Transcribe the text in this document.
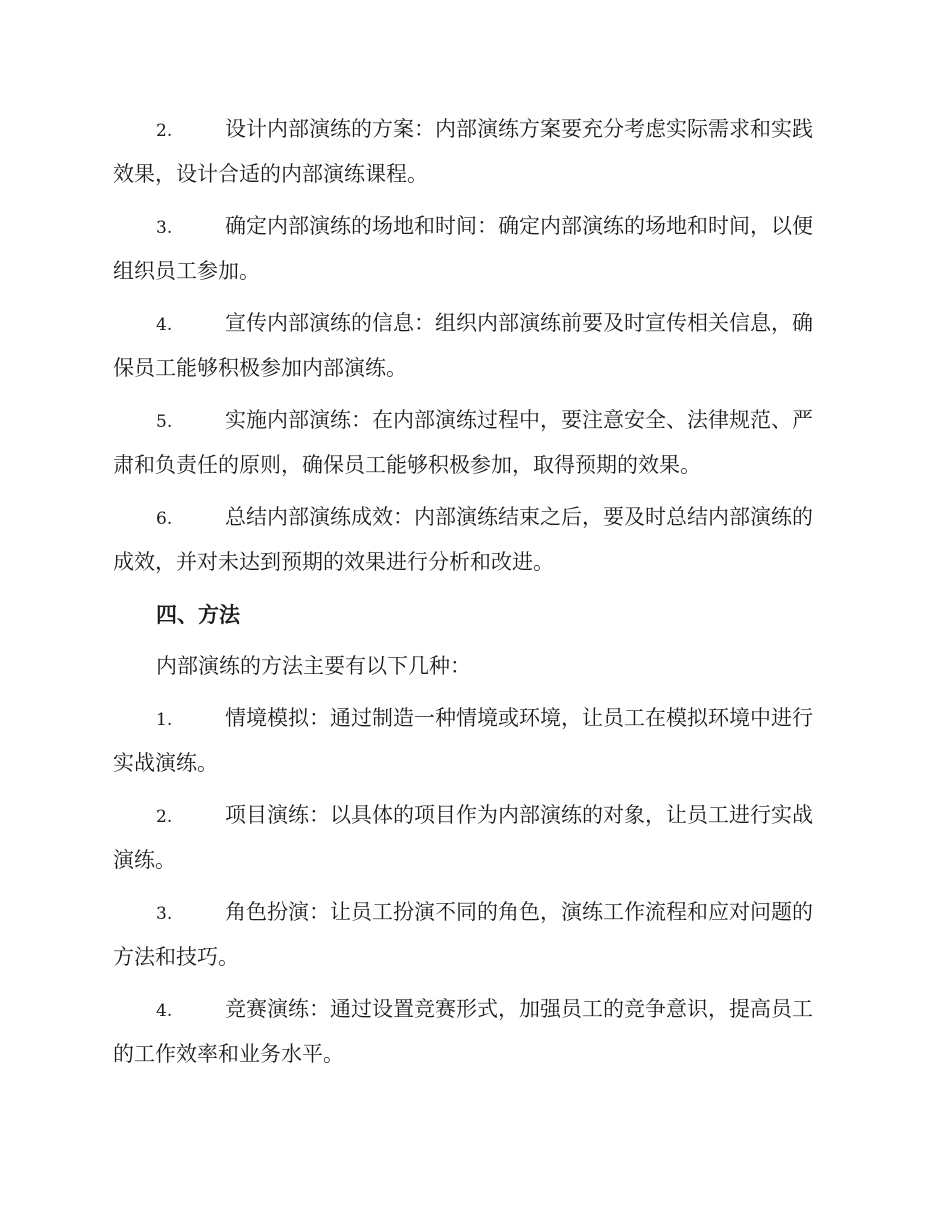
2.	设计内部演练的方案：内部演练方案要充分考虑实际需求和实践效果，设计合适的内部演练课程。

3.	确定内部演练的场地和时间：确定内部演练的场地和时间，以便组织员工参加。

4.	宣传内部演练的信息：组织内部演练前要及时宣传相关信息，确保员工能够积极参加内部演练。

5.	实施内部演练：在内部演练过程中，要注意安全、法律规范、严肃和负责任的原则，确保员工能够积极参加，取得预期的效果。

6.	总结内部演练成效：内部演练结束之后，要及时总结内部演练的成效，并对未达到预期的效果进行分析和改进。

四、方法

内部演练的方法主要有以下几种：

1.	情境模拟：通过制造一种情境或环境，让员工在模拟环境中进行实战演练。

2.	项目演练：以具体的项目作为内部演练的对象，让员工进行实战演练。

3.	角色扮演：让员工扮演不同的角色，演练工作流程和应对问题的方法和技巧。

4.	竞赛演练：通过设置竞赛形式，加强员工的竞争意识，提高员工的工作效率和业务水平。
